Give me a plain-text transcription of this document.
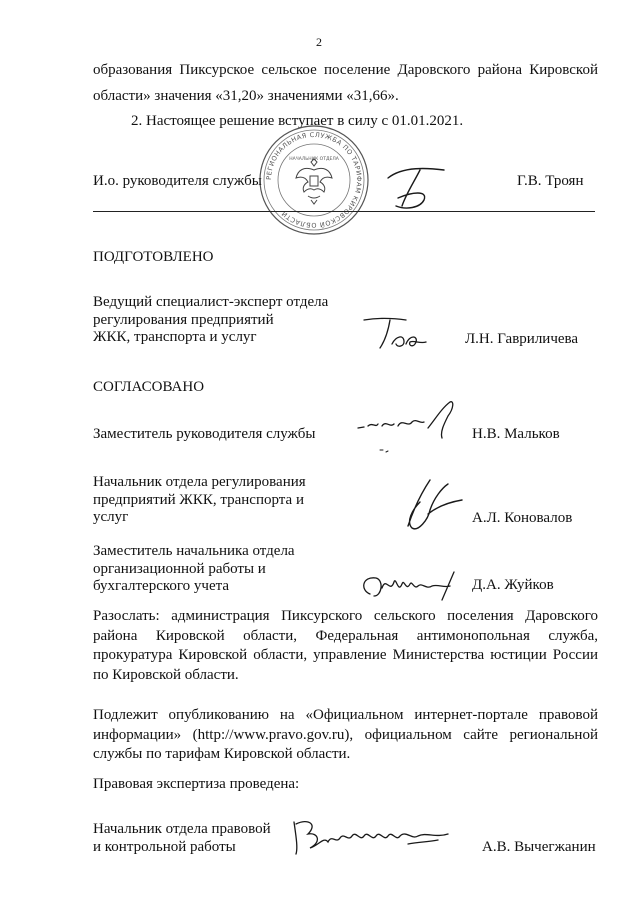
2
образования Пиксурское сельское поселение Даровского района Кировской
области» значения «31,20» значениями «31,66».
2. Настоящее решение вступает в силу с 01.01.2021.
РЕГИОНАЛЬНАЯ СЛУЖБА ПО ТАРИФАМ КИРОВСКОЙ ОБЛАСТИ
НАЧАЛЬНИК ОТДЕЛА
И.о. руководителя службы	Г.В. Троян
ПОДГОТОВЛЕНО
Ведущий специалист-эксперт отдела
регулирования предприятий
ЖКК, транспорта и услуг	Л.Н. Гавриличева
СОГЛАСОВАНО
Заместитель руководителя службы	Н.В. Мальков
Начальник отдела регулирования
предприятий ЖКК, транспорта и
услуг	А.Л. Коновалов
Заместитель начальника отдела
организационной работы и
бухгалтерского учета	Д.А. Жуйков
Разослать: администрация Пиксурского сельского поселения Даровского района Кировской области, Федеральная антимонопольная служба, прокуратура Кировской области, управление Министерства юстиции России по Кировской области.
Подлежит опубликованию на «Официальном интернет-портале правовой информации» (http://www.pravo.gov.ru), официальном сайте региональной службы по тарифам Кировской области.
Правовая экспертиза проведена:
Начальник отдела правовой
и контрольной работы	А.В. Вычегжанин
